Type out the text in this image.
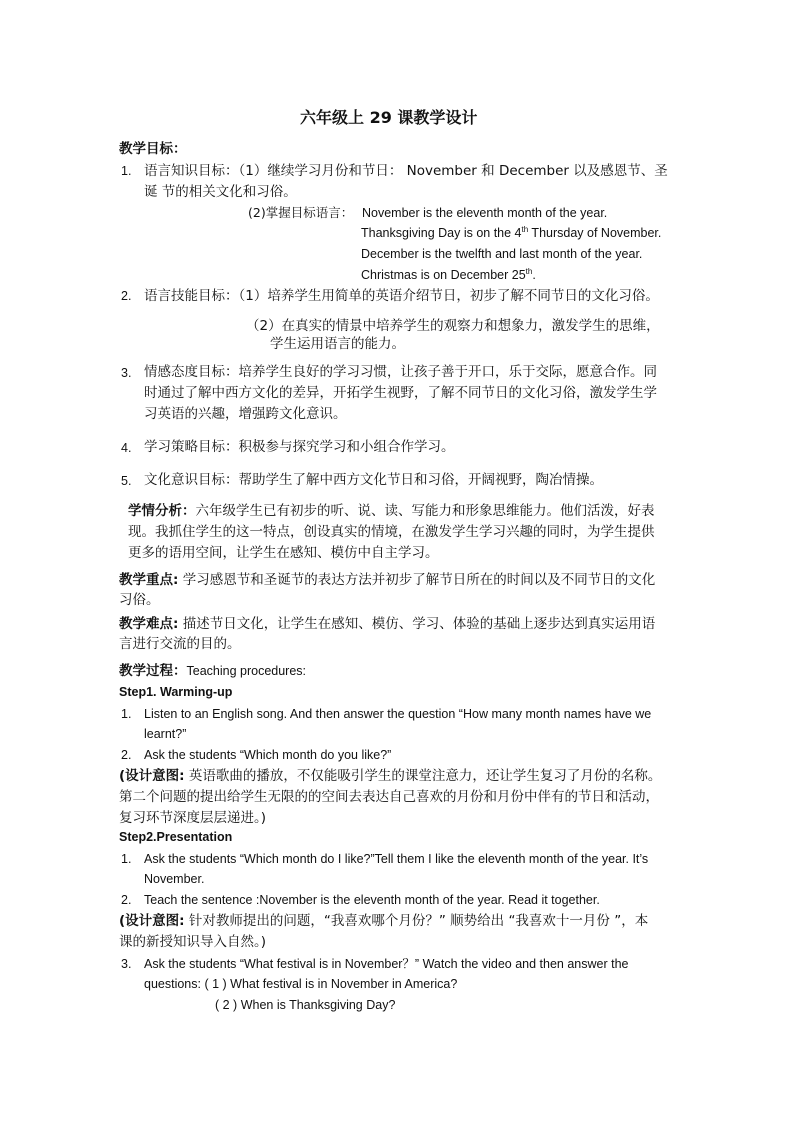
六年级上 29 课教学设计
教学目标：
1. 语言知识目标：（1）继续学习月份和节日： November 和 December 以及感恩节、圣
诞 节的相关文化和习俗。
(2)掌握目标语言： November is the eleventh month of the year.
Thanksgiving Day is on the 4th Thursday of November.
December is the twelfth and last month of the year.
Christmas is on December 25th.
2. 语言技能目标：（1）培养学生用简单的英语介绍节日，初步了解不同节日的文化习俗。
（2）在真实的情景中培养学生的观察力和想象力，激发学生的思维，
学生运用语言的能力。
3. 情感态度目标：培养学生良好的学习习惯，让孩子善于开口，乐于交际，愿意合作。同
时通过了解中西方文化的差异，开拓学生视野，了解不同节日的文化习俗，激发学生学
习英语的兴趣，增强跨文化意识。
4. 学习策略目标：积极参与探究学习和小组合作学习。
5. 文化意识目标：帮助学生了解中西方文化节日和习俗，开阔视野，陶冶情操。
学情分析：六年级学生已有初步的听、说、读、写能力和形象思维能力。他们活泼，好表
现。我抓住学生的这一特点，创设真实的情境，在激发学生学习兴趣的同时，为学生提供
更多的语用空间，让学生在感知、模仿中自主学习。
教学重点: 学习感恩节和圣诞节的表达方法并初步了解节日所在的时间以及不同节日的文化
习俗。
教学难点: 描述节日文化，让学生在感知、模仿、学习、体验的基础上逐步达到真实运用语
言进行交流的目的。
教学过程：Teaching procedures:
Step1. Warming-up
1. Listen to an English song. And then answer the question “How many month names have we
learnt?”
2. Ask the students “Which month do you like?”
(设计意图: 英语歌曲的播放，不仅能吸引学生的课堂注意力，还让学生复习了月份的名称。
第二个问题的提出给学生无限的的空间去表达自己喜欢的月份和月份中伴有的节日和活动，
复习环节深度层层递进。)
Step2.Presentation
1. Ask the students “Which month do I like?”Tell them I like the eleventh month of the year. It’s
November.
2. Teach the sentence :November is the eleventh month of the year. Read it together.
(设计意图: 针对教师提出的问题，“我喜欢哪个月份？” 顺势给出 “我喜欢十一月份 ”，本
课的新授知识导入自然。)
3. Ask the students “What festival is in November？” Watch the video and then answer the
questions: ( 1 ) What festival is in November in America?
( 2 ) When is Thanksgiving Day?
